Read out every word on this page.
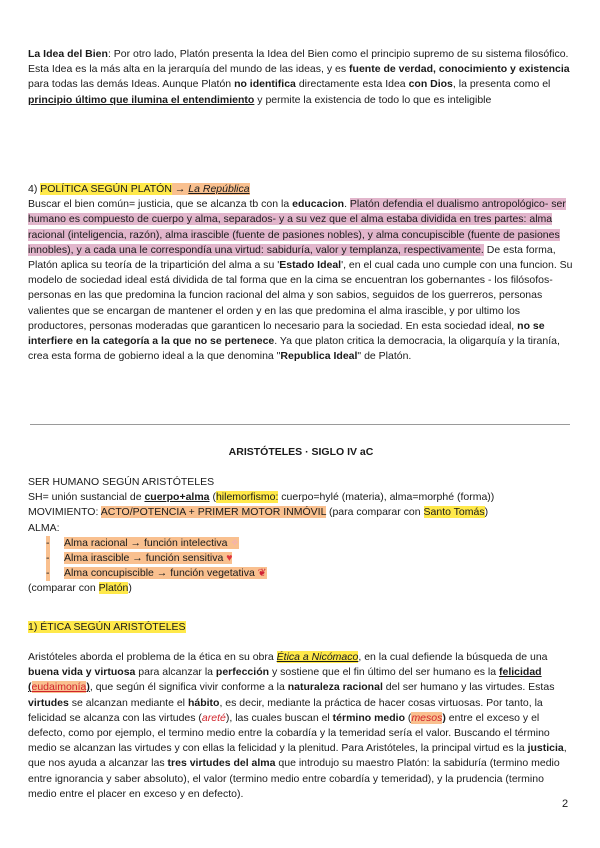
La Idea del Bien: Por otro lado, Platón presenta la Idea del Bien como el principio supremo de su sistema filosófico. Esta Idea es la más alta en la jerarquía del mundo de las ideas, y es fuente de verdad, conocimiento y existencia para todas las demás Ideas. Aunque Platón no identifica directamente esta Idea con Dios, la presenta como el principio último que ilumina el entendimiento y permite la existencia de todo lo que es inteligible

4) POLÍTICA SEGÚN PLATÓN → La República

Buscar el bien común= justicia, que se alcanza tb con la educacion. Platón defendia el dualismo antropológico- ser humano es compuesto de cuerpo y alma, separados- y a su vez que el alma estaba dividida en tres partes: alma racional (inteligencia, razón), alma irascible (fuente de pasiones nobles), y alma concupiscible (fuente de pasiones innobles), y a cada una le correspondía una virtud: sabiduría, valor y templanza, respectivamente. De esta forma, Platón aplica su teoría de la tripartición del alma a su 'Estado Ideal', en el cual cada uno cumple con una funcion. Su modelo de sociedad ideal está dividida de tal forma que en la cima se encuentran los gobernantes - los filósofos- personas en las que predomina la funcion racional del alma y son sabios, seguidos de los guerreros, personas valientes que se encargan de mantener el orden y en las que predomina el alma irascible, y por ultimo los productores, personas moderadas que garanticen lo necesario para la sociedad. En esta sociedad ideal, no se interfiere en la categoría a la que no se pertenece. Ya que platon critica la democracia, la oligarquía y la tiranía, crea esta forma de gobierno ideal a la que denomina "Republica Ideal" de Platón.

ARISTÓTELES · SIGLO IV aC

SER HUMANO SEGÚN ARISTÓTELES

SH= unión sustancial de cuerpo+alma (hilemorfismo: cuerpo=hylé (materia), alma=morphé (forma))

MOVIMIENTO: ACTO/POTENCIA + PRIMER MOTOR INMÓVIL (para comparar con Santo Tomás)

ALMA:

- Alma racional → función intelectiva ✧
- Alma irascible → función sensitiva ♥
- Alma concupiscible → función vegetativa ❦

(comparar con Platón)

1) ÉTICA SEGÚN ARISTÓTELES

Aristóteles aborda el problema de la ética en su obra Ética a Nicómaco, en la cual defiende la búsqueda de una buena vida y virtuosa para alcanzar la perfección y sostiene que el fin último del ser humano es la felicidad (eudaimonía), que según él significa vivir conforme a la naturaleza racional del ser humano y las virtudes. Estas virtudes se alcanzan mediante el hábito, es decir, mediante la práctica de hacer cosas virtuosas. Por tanto, la felicidad se alcanza con las virtudes (areté), las cuales buscan el término medio (mesos) entre el exceso y el defecto, como por ejemplo, el termino medio entre la cobardía y la temeridad sería el valor. Buscando el término medio se alcanzan las virtudes y con ellas la felicidad y la plenitud. Para Aristóteles, la principal virtud es la justicia, que nos ayuda a alcanzar las tres virtudes del alma que introdujo su maestro Platón: la sabiduría (termino medio entre ignorancia y saber absoluto), el valor (termino medio entre cobardía y temeridad), y la prudencia (termino medio entre el placer en exceso y en defecto).

2
